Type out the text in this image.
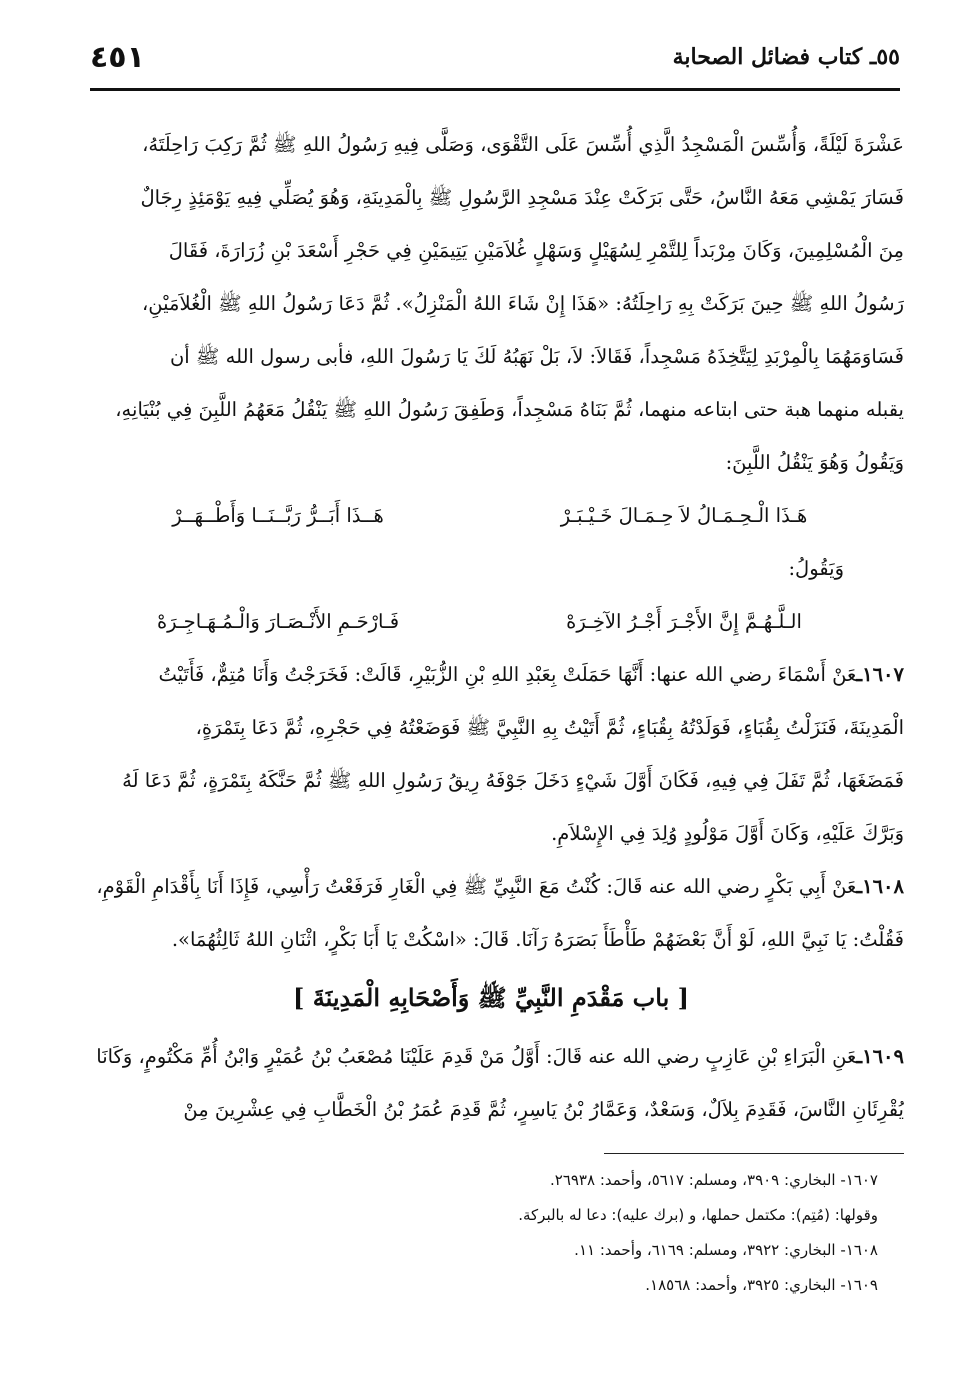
٤٥١	٥٥ـ كتاب فضائل الصحابة
عَشْرَةَ لَيْلَةً، وَأُسِّسَ الْمَسْجِدُ الَّذِي أُسِّسَ عَلَى التَّقْوَى، وَصَلَّى فِيهِ رَسُولُ اللهِ ﷺ ثُمَّ رَكِبَ رَاحِلَتَهُ،
فَسَارَ يَمْشِي مَعَهُ النَّاسُ، حَتَّى بَرَكَتْ عِنْدَ مَسْجِدِ الرَّسُولِ ﷺ بِالْمَدِينَةِ، وَهُوَ يُصَلِّي فِيهِ يَوْمَئِذٍ رِجَالٌ
مِنَ الْمُسْلِمِينَ، وَكَانَ مِرْبَداً لِلتَّمْرِ لِسُهَيْلٍ وَسَهْلٍ غُلاَمَيْنِ يَتِيمَيْنِ فِي حَجْرِ أَسْعَدَ بْنِ زُرَارَةَ، فَقَالَ
رَسُولُ اللهِ ﷺ حِينَ بَرَكَتْ بِهِ رَاحِلَتُهُ: «هَذَا إِنْ شَاءَ اللهُ الْمَنْزِلُ». ثُمَّ دَعَا رَسُولُ اللهِ ﷺ الْغُلاَمَيْنِ،
فَسَاوَمَهُمَا بِالْمِرْبَدِ لِيَتَّخِذَهُ مَسْجِداً، فَقَالاَ: لاَ، بَلْ نَهَبُهُ لَكَ يَا رَسُولَ اللهِ، فأبى رسول الله ﷺ أن
يقبله منهما هبة حتى ابتاعه منهما، ثُمَّ بَنَاهُ مَسْجِداً، وَطَفِقَ رَسُولُ اللهِ ﷺ يَنْقُلُ مَعَهُمُ اللَّبِنَ فِي بُنْيَانِهِ،
وَيَقُولُ وَهُوَ يَنْقُلُ اللَّبِنَ:
هَـذَا الْـحِـمَـالُ لاَ حِـمَـالَ خَـيْـبَـرْ
هَــذَا أَبَــرُّ رَبَّــنَــا وَأَطْــهَــرْ
وَيَقُولُ:
الـلَّـهُـمَّ إِنَّ الأَجْـرَ أَجْـرُ الآخِـرَهْ
فَـارْحَـمِ الأَنْـصَـارَ وَالْـمُـهَـاجِـرَهْ
١٦٠٧ـعَنْ أَسْمَاءَ رضي الله عنها: أَنَّهَا حَمَلَتْ بِعَبْدِ اللهِ بْنِ الزُّبَيْرِ، قَالَتْ: فَخَرَجْتُ وَأَنَا مُتِمٌّ، فَأَتَيْتُ
الْمَدِينَةَ، فَنَزَلْتُ بِقُبَاءٍ، فَوَلَدْتُهُ بِقُبَاءٍ، ثُمَّ أَتَيْتُ بِهِ النَّبِيَّ ﷺ فَوَضَعْتُهُ فِي حَجْرِهِ، ثُمَّ دَعَا بِتَمْرَةٍ،
فَمَضَغَهَا، ثُمَّ تَفَلَ فِي فِيهِ، فَكَانَ أَوَّلَ شَيْءٍ دَخَلَ جَوْفَهُ رِيقُ رَسُولِ اللهِ ﷺ ثُمَّ حَنَّكَهُ بِتَمْرَةٍ، ثُمَّ دَعَا لَهُ
وَبَرَّكَ عَلَيْهِ، وَكَانَ أَوَّلَ مَوْلُودٍ وُلِدَ فِي الإِسْلاَمِ.
١٦٠٨ـعَنْ أَبِي بَكْرٍ رضي الله عنه قَالَ: كُنْتُ مَعَ النَّبِيِّ ﷺ فِي الْغَارِ فَرَفَعْتُ رَأْسِي، فَإِذَا أَنَا بِأَقْدَامِ الْقَوْمِ،
فَقُلْتُ: يَا نَبِيَّ اللهِ، لَوْ أَنَّ بَعْضَهُمْ طَأْطَأَ بَصَرَهُ رَآنَا. قَالَ: «اسْكُتْ يَا أَبَا بَكْرٍ، اثْنَانِ اللهُ ثَالِثُهُمَا».
[ باب مَقْدَمِ النَّبِيِّ ﷺ وَأَصْحَابِهِ الْمَدِينَةَ ]
١٦٠٩ـعَنِ الْبَرَاءِ بْنِ عَازِبٍ رضي الله عنه قَالَ: أَوَّلُ مَنْ قَدِمَ عَلَيْنَا مُصْعَبُ بْنُ عُمَيْرٍ وَابْنُ أُمِّ مَكْتُومٍ، وَكَانَا
يُقْرِئَانِ النَّاسَ، فَقَدِمَ بِلاَلٌ، وَسَعْدٌ، وَعَمَّارُ بْنُ يَاسِرٍ، ثُمَّ قَدِمَ عُمَرُ بْنُ الْخَطَّابِ فِي عِشْرِينَ مِنْ
١٦٠٧- البخاري: ٣٩٠٩، ومسلم: ٥٦١٧، وأحمد: ٢٦٩٣٨.
وقولها: (مُتِم): مكتمل حملها، و (برك عليه): دعا له بالبركة.
١٦٠٨- البخاري: ٣٩٢٢، ومسلم: ٦١٦٩، وأحمد: ١١.
١٦٠٩- البخاري: ٣٩٢٥، وأحمد: ١٨٥٦٨.
